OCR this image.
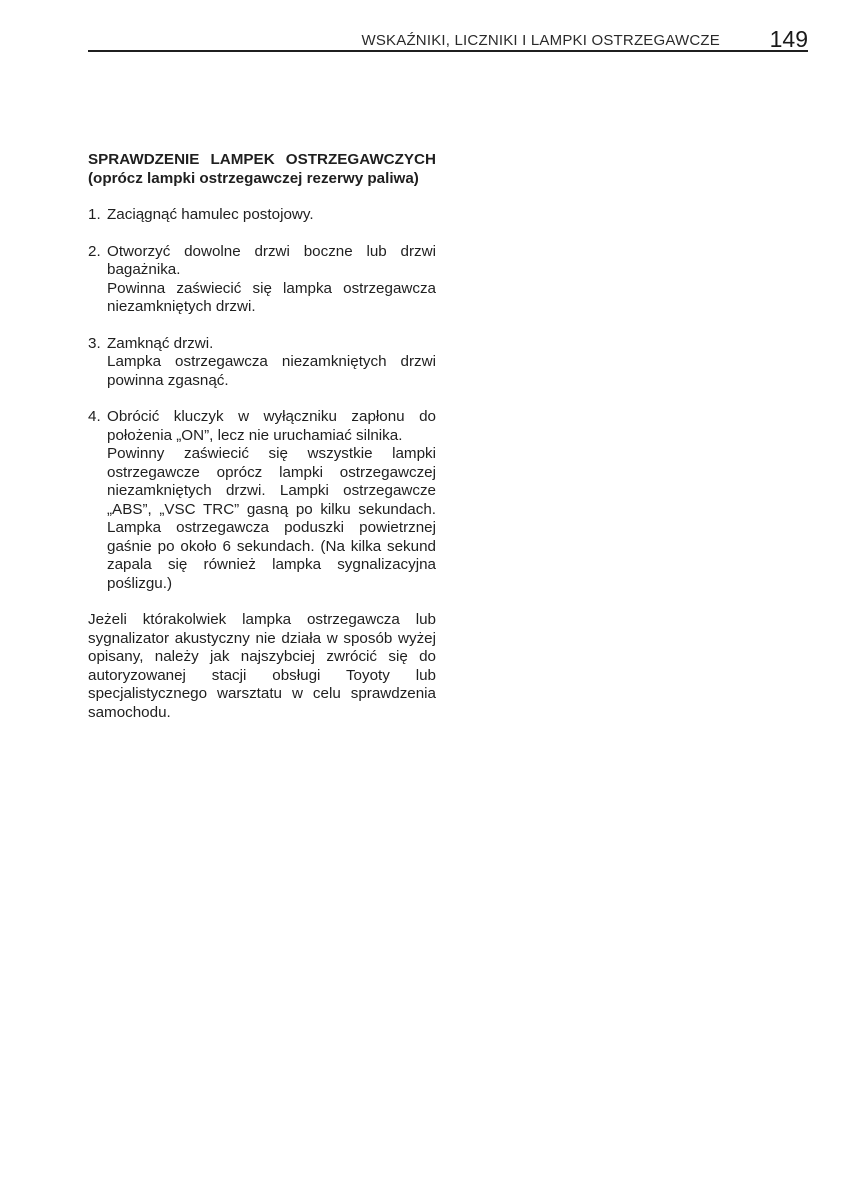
WSKAŹNIKI, LICZNIKI I LAMPKI OSTRZEGAWCZE 149
SPRAWDZENIE LAMPEK OSTRZEGAWCZYCH (oprócz lampki ostrzegawczej rezerwy paliwa)
1. Zaciągnąć hamulec postojowy.
2. Otworzyć dowolne drzwi boczne lub drzwi bagażnika.
Powinna zaświecić się lampka ostrzegawcza niezamkniętych drzwi.
3. Zamknąć drzwi.
Lampka ostrzegawcza niezamkniętych drzwi powinna zgasnąć.
4. Obrócić kluczyk w wyłączniku zapłonu do położenia „ON”, lecz nie uruchamiać silnika.
Powinny zaświecić się wszystkie lampki ostrzegawcze oprócz lampki ostrzegawczej niezamkniętych drzwi. Lampki ostrzegawcze „ABS”, „VSC TRC” gasną po kilku sekundach. Lampka ostrzegawcza poduszki powietrznej gaśnie po około 6 sekundach. (Na kilka sekund zapala się również lampka sygnalizacyjna poślizgu.)

Jeżeli którakolwiek lampka ostrzegawcza lub sygnalizator akustyczny nie działa w sposób wyżej opisany, należy jak najszybciej zwrócić się do autoryzowanej stacji obsługi Toyoty lub specjalistycznego warsztatu w celu sprawdzenia samochodu.
